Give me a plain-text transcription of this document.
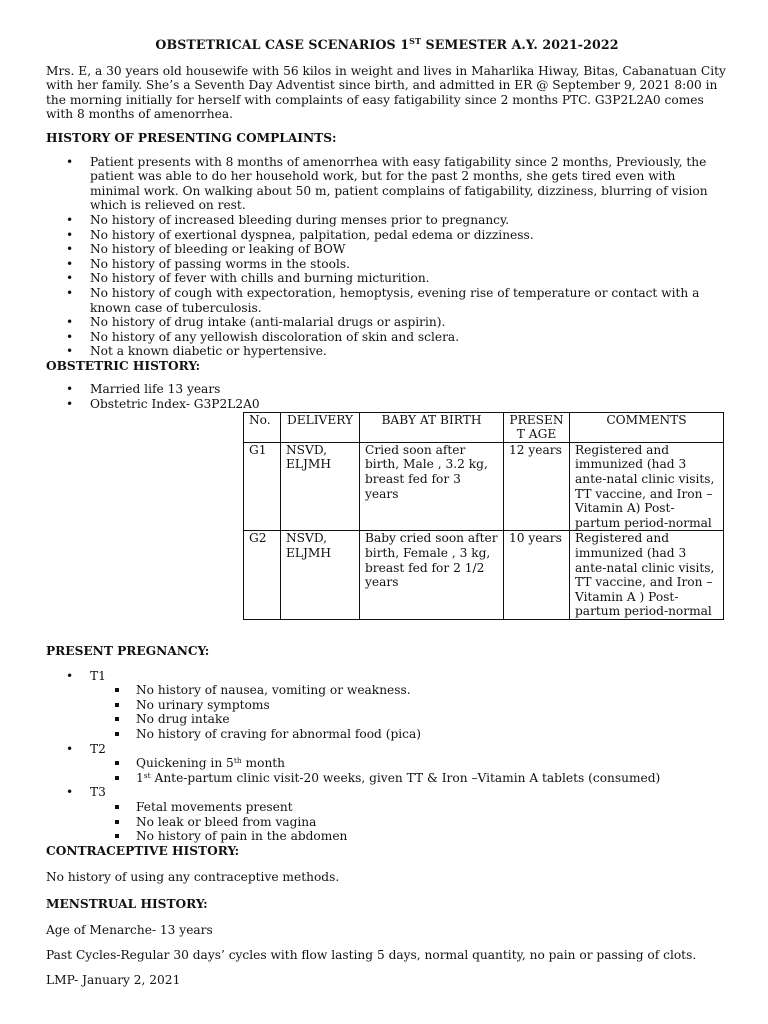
OBSTETRICAL CASE SCENARIOS 1ST SEMESTER A.Y. 2021-2022

Mrs. E, a 30 years old housewife with 56 kilos in weight and lives in Maharlika Hiway, Bitas, Cabanatuan City with her family. She’s a Seventh Day Adventist since birth, and admitted in ER @ September 9, 2021 8:00 in the morning initially for herself with complaints of easy fatigability since 2 months PTC. G3P2L2A0 comes with 8 months of amenorrhea.

HISTORY OF PRESENTING COMPLAINTS:

• Patient presents with 8 months of amenorrhea with easy fatigability since 2 months, Previously, the patient was able to do her household work, but for the past 2 months, she gets tired even with minimal work. On walking about 50 m, patient complains of fatigability, dizziness, blurring of vision which is relieved on rest.
• No history of increased bleeding during menses prior to pregnancy.
• No history of exertional dyspnea, palpitation, pedal edema or dizziness.
• No history of bleeding or leaking of BOW
• No history of passing worms in the stools.
• No history of fever with chills and burning micturition.
• No history of cough with expectoration, hemoptysis, evening rise of temperature or contact with a known case of tuberculosis.
• No history of drug intake (anti-malarial drugs or aspirin).
• No history of any yellowish discoloration of skin and sclera.
• Not a known diabetic or hypertensive.

OBSTETRIC HISTORY:

• Married life 13 years
• Obstetric Index- G3P2L2A0
No.	DELIVERY	BABY AT BIRTH	PRESEN T AGE	COMMENTS
G1	NSVD, ELJMH	Cried soon after birth, Male , 3.2 kg, breast fed for 3 years	12 years	Registered and immunized (had 3 ante-natal clinic visits, TT vaccine, and Iron –Vitamin A) Post-partum period-normal
G2	NSVD, ELJMH	Baby cried soon after birth, Female , 3 kg, breast fed for 2 1/2 years	10 years	Registered and immunized (had 3 ante-natal clinic visits, TT vaccine, and Iron –Vitamin A ) Post-partum period-normal

PRESENT PREGNANCY:

• T1
No history of nausea, vomiting or weakness.
No urinary symptoms
No drug intake
No history of craving for abnormal food (pica)
• T2
Quickening in 5th month
1st Ante-partum clinic visit-20 weeks, given TT & Iron –Vitamin A tablets (consumed)
• T3
Fetal movements present
No leak or bleed from vagina
No history of pain in the abdomen

CONTRACEPTIVE HISTORY:

No history of using any contraceptive methods.

MENSTRUAL HISTORY:

Age of Menarche- 13 years

Past Cycles-Regular 30 days’ cycles with flow lasting 5 days, normal quantity, no pain or passing of clots.

LMP- January 2, 2021
